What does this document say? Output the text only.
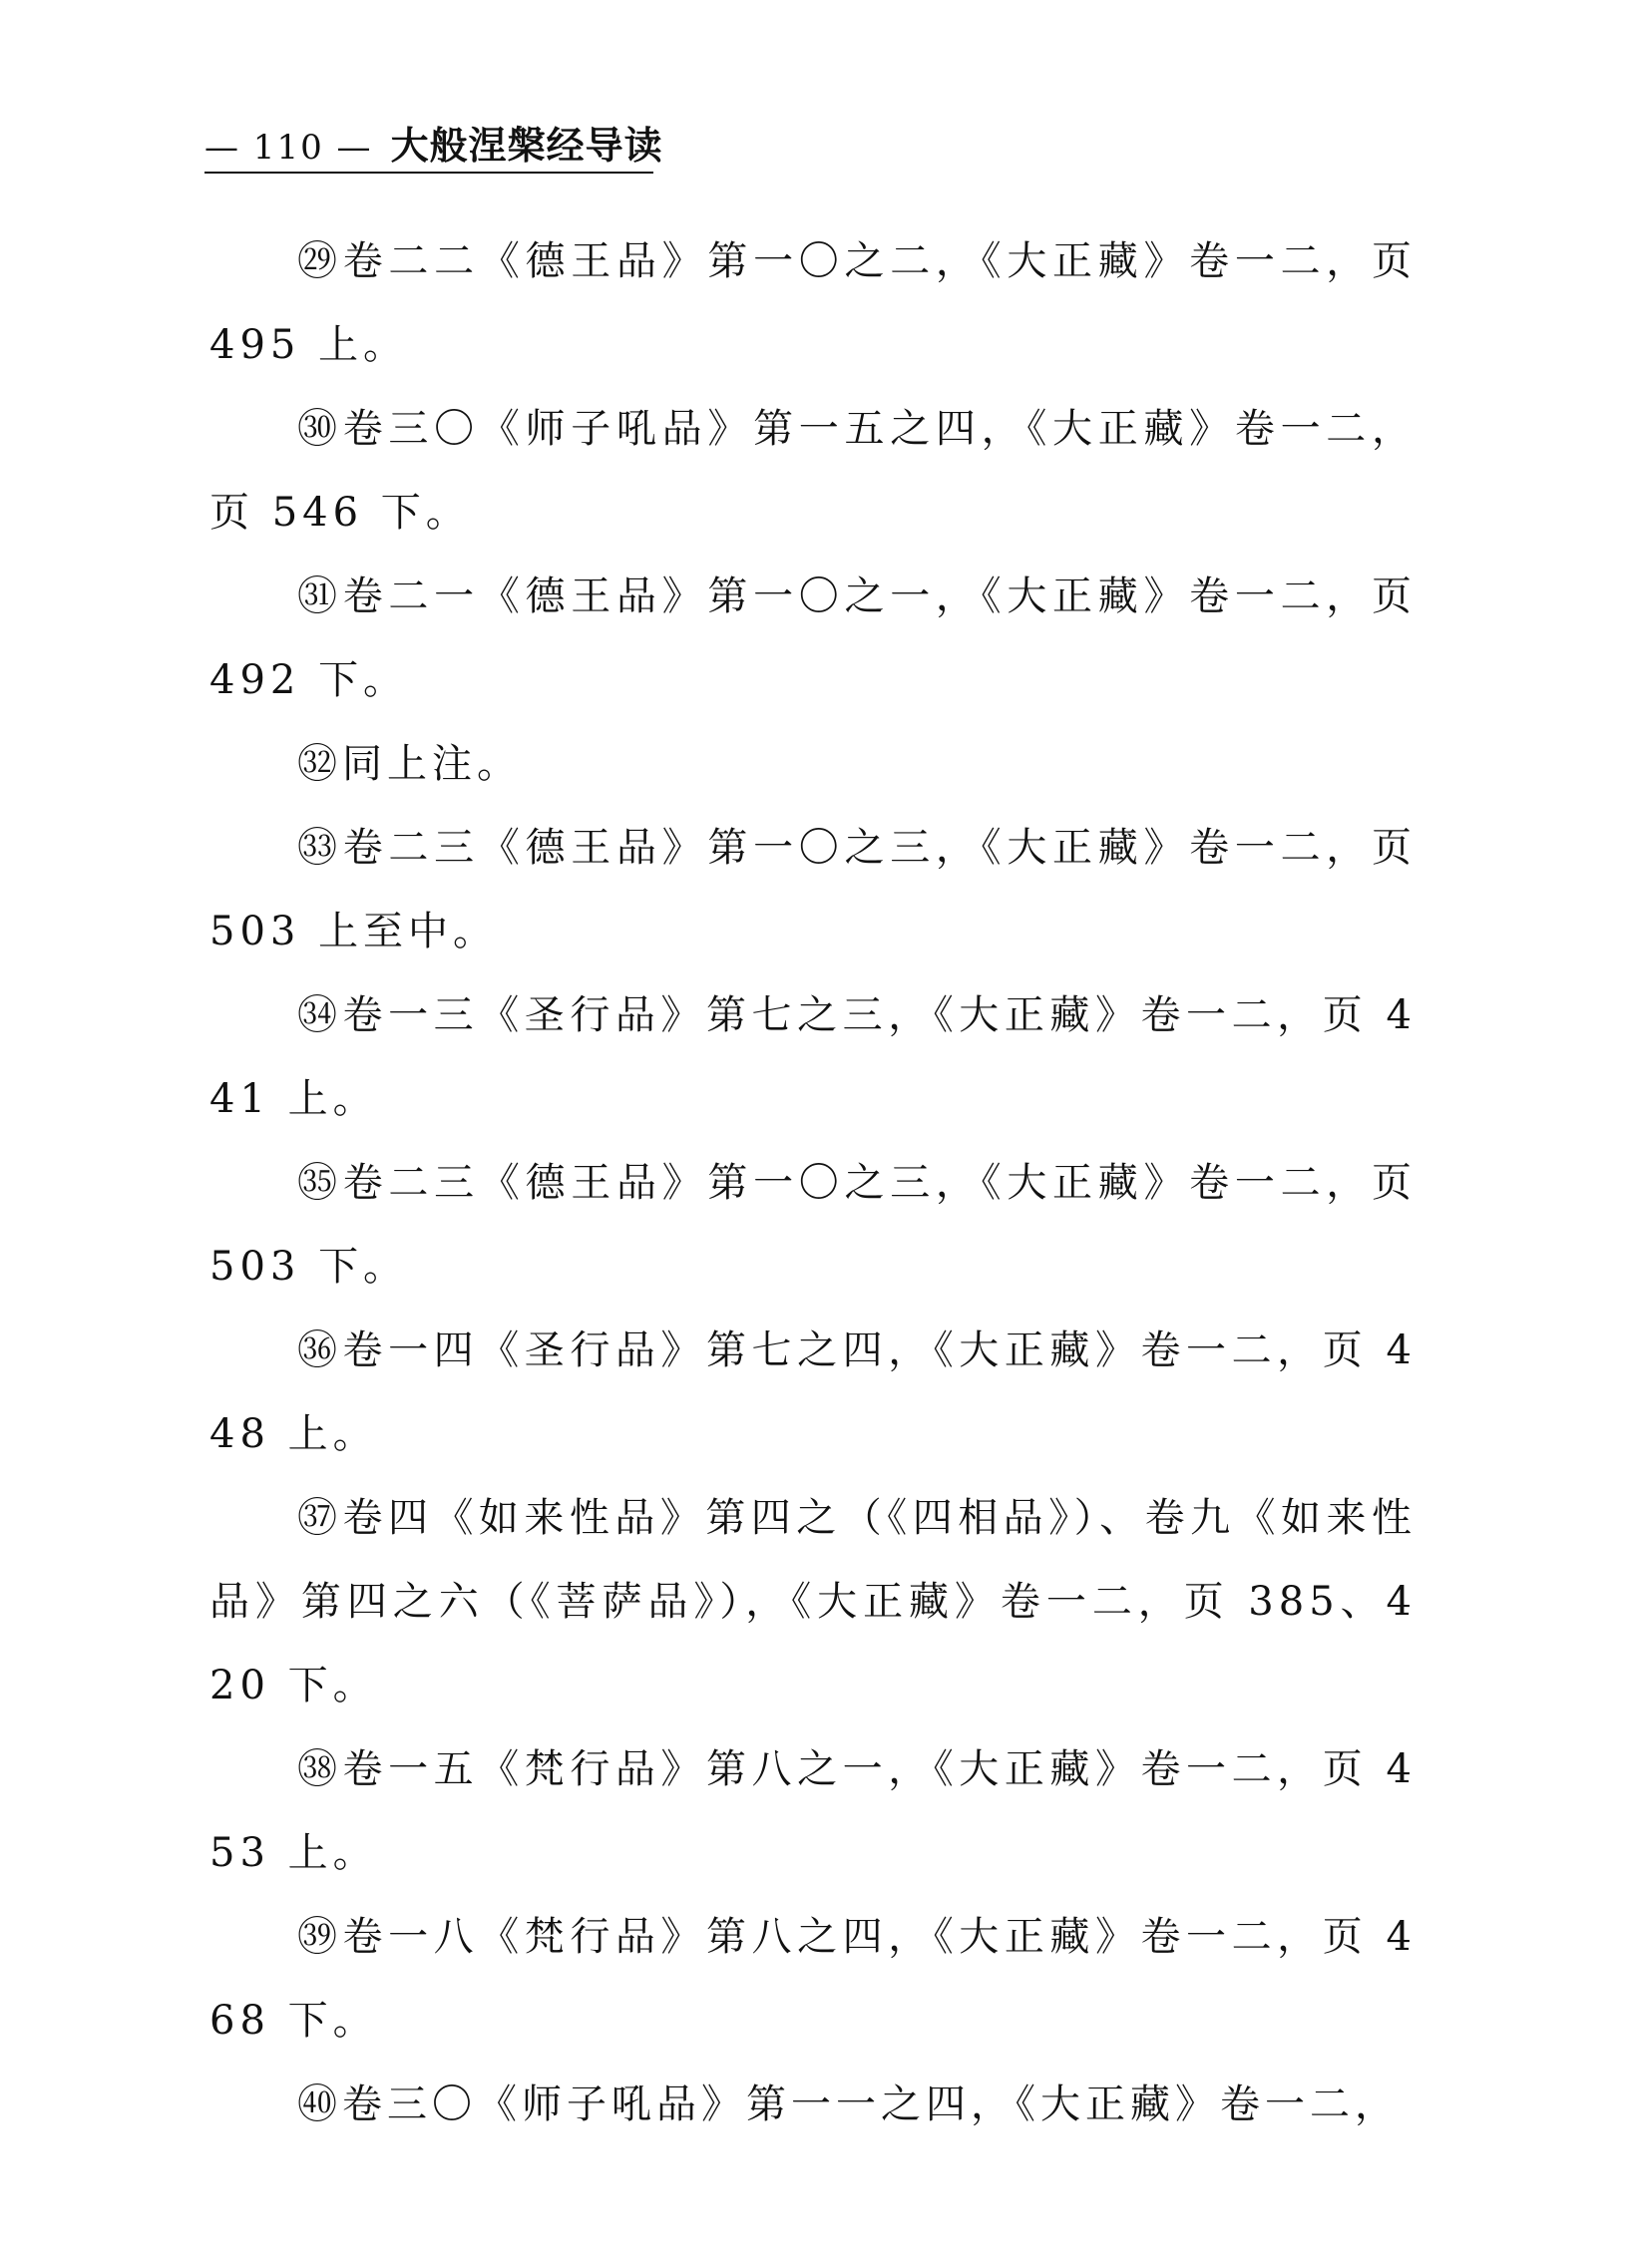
— 110 — 大般涅槃经导读

㉙卷二二《德王品》第一〇之二，《大正藏》卷一二，页 495 上。

㉚卷三〇《师子吼品》第一五之四，《大正藏》卷一二，页 546 下。

㉛卷二一《德王品》第一〇之一，《大正藏》卷一二，页 492 下。

㉜同上注。

㉝卷二三《德王品》第一〇之三，《大正藏》卷一二，页 503 上至中。

㉞卷一三《圣行品》第七之三，《大正藏》卷一二，页 441 上。

㉟卷二三《德王品》第一〇之三，《大正藏》卷一二，页 503 下。

㊱卷一四《圣行品》第七之四，《大正藏》卷一二，页 448 上。

㊲卷四《如来性品》第四之（《四相品》）、卷九《如来性品》第四之六（《菩萨品》），《大正藏》卷一二，页 385、420 下。

㊳卷一五《梵行品》第八之一，《大正藏》卷一二，页 453 上。

㊴卷一八《梵行品》第八之四，《大正藏》卷一二，页 468 下。

㊵卷三〇《师子吼品》第一一之四，《大正藏》卷一二，
